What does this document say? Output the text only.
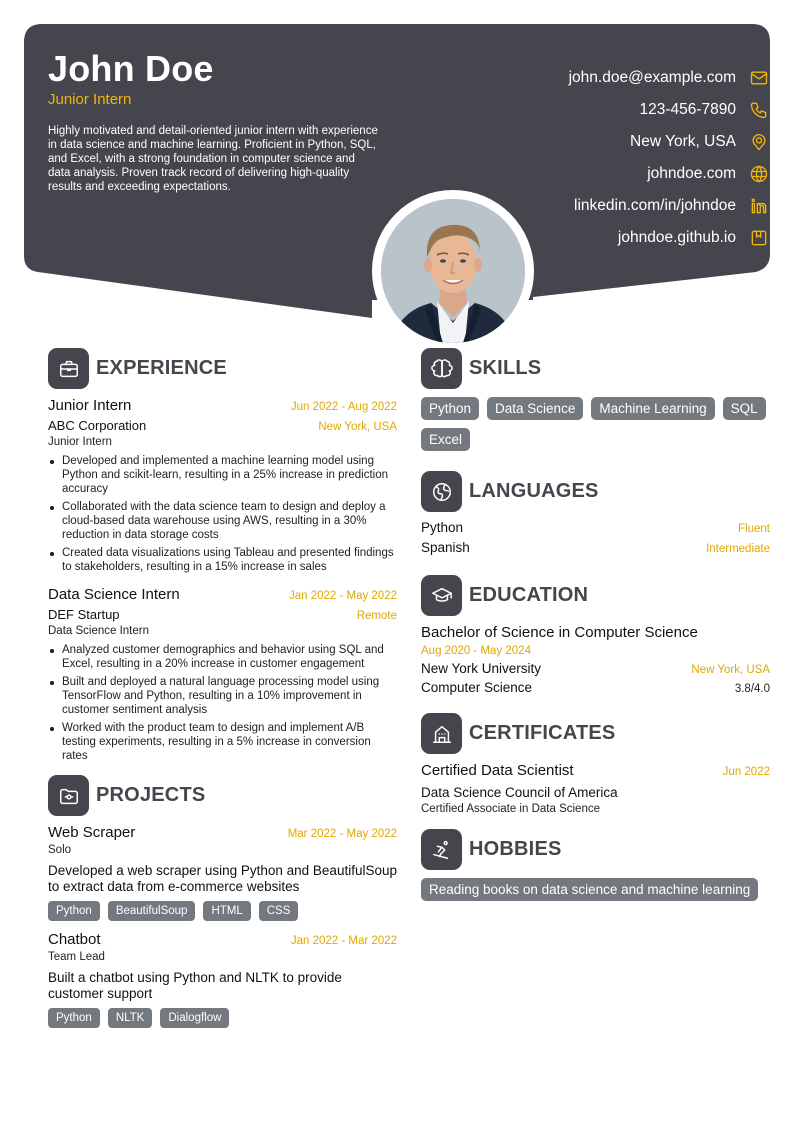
John Doe
Junior Intern
Highly motivated and detail-oriented junior intern with experience in data science and machine learning. Proficient in Python, SQL, and Excel, with a strong foundation in computer science and data analysis. Proven track record of delivering high-quality results and exceeding expectations.
john.doe@example.com
123-456-7890
New York, USA
johndoe.com
linkedin.com/in/johndoe
johndoe.github.io
EXPERIENCE
Junior Intern	Jun 2022 - Aug 2022
ABC Corporation	New York, USA
Junior Intern
Developed and implemented a machine learning model using Python and scikit-learn, resulting in a 25% increase in prediction accuracy
Collaborated with the data science team to design and deploy a cloud-based data warehouse using AWS, resulting in a 30% reduction in data storage costs
Created data visualizations using Tableau and presented findings to stakeholders, resulting in a 15% increase in sales
Data Science Intern	Jan 2022 - May 2022
DEF Startup	Remote
Data Science Intern
Analyzed customer demographics and behavior using SQL and Excel, resulting in a 20% increase in customer engagement
Built and deployed a natural language processing model using TensorFlow and Python, resulting in a 10% improvement in customer sentiment analysis
Worked with the product team to design and implement A/B testing experiments, resulting in a 5% increase in conversion rates
PROJECTS
Web Scraper	Mar 2022 - May 2022
Solo
Developed a web scraper using Python and BeautifulSoup to extract data from e-commerce websites
Python	BeautifulSoup	HTML	CSS
Chatbot	Jan 2022 - Mar 2022
Team Lead
Built a chatbot using Python and NLTK to provide customer support
Python	NLTK	Dialogflow
SKILLS
Python	Data Science	Machine Learning	SQL
Excel
LANGUAGES
Python	Fluent
Spanish	Intermediate
EDUCATION
Bachelor of Science in Computer Science
Aug 2020 - May 2024
New York University	New York, USA
Computer Science	3.8/4.0
CERTIFICATES
Certified Data Scientist	Jun 2022
Data Science Council of America
Certified Associate in Data Science
HOBBIES
Reading books on data science and machine learning
